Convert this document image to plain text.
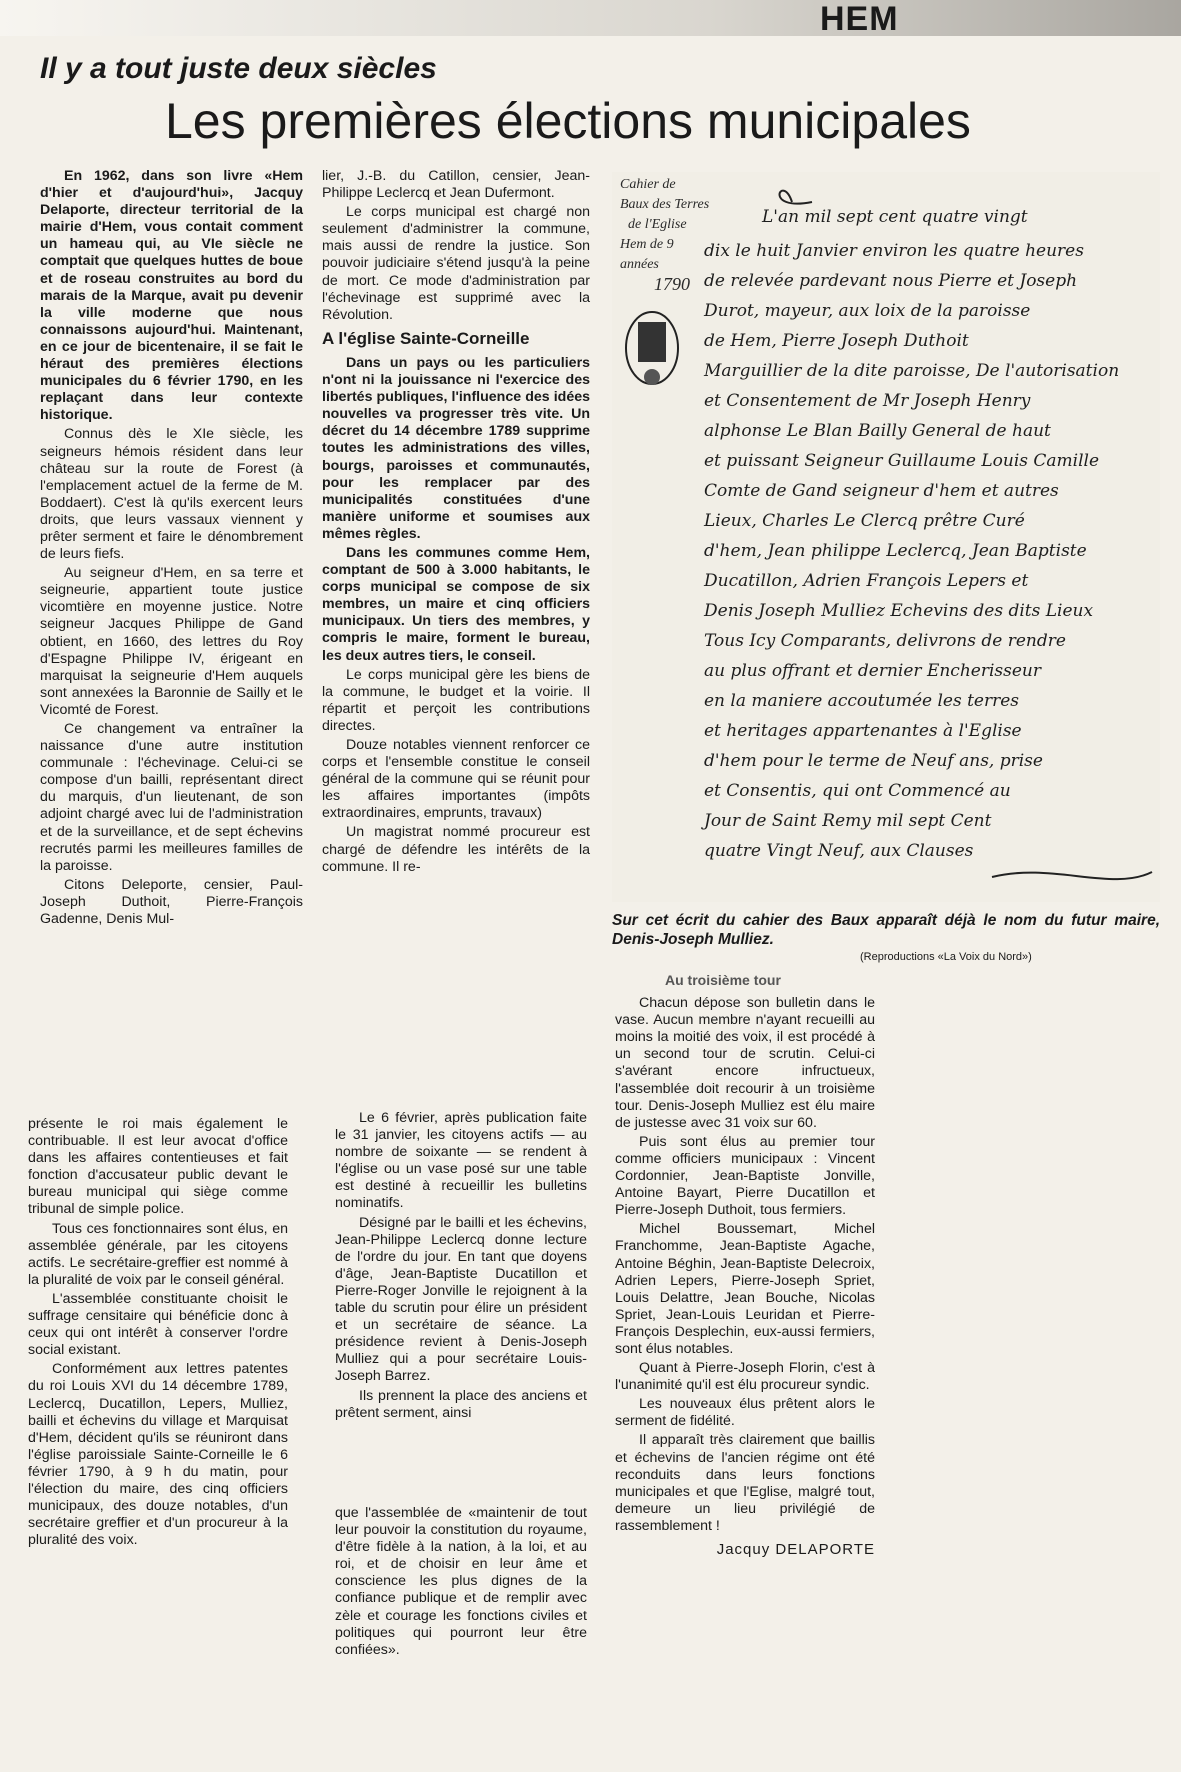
HEM
Il y a tout juste deux siècles
Les premières élections municipales

En 1962, dans son livre «Hem d'hier et d'aujourd'hui», Jacquy Delaporte, directeur territorial de la mairie d'Hem, vous contait comment un hameau qui, au VIe siècle ne comptait que quelques huttes de boue et de roseau construites au bord du marais de la Marque, avait pu devenir la ville moderne que nous connaissons aujourd'hui. Maintenant, en ce jour de bicentenaire, il se fait le héraut des premières élections municipales du 6 février 1790, en les replaçant dans leur contexte historique.

Connus dès le XIe siècle, les seigneurs hémois résident dans leur château sur la route de Forest (à l'emplacement actuel de la ferme de M. Boddaert). C'est là qu'ils exercent leurs droits, que leurs vassaux viennent y prêter serment et faire le dénombrement de leurs fiefs.

Au seigneur d'Hem, en sa terre et seigneurie, appartient toute justice vicomtière en moyenne justice. Notre seigneur Jacques Philippe de Gand obtient, en 1660, des lettres du Roy d'Espagne Philippe IV, érigeant en marquisat la seigneurie d'Hem auquels sont annexées la Baronnie de Sailly et le Vicomté de Forest.

Ce changement va entraîner la naissance d'une autre institution communale : l'échevinage. Celui-ci se compose d'un bailli, représentant direct du marquis, d'un lieutenant, de son adjoint chargé avec lui de l'administration et de la surveillance, et de sept échevins recrutés parmi les meilleures familles de la paroisse.

Citons Deleporte, censier, Paul-Joseph Duthoit, Pierre-François Gadenne, Denis Mul-

lier, J.-B. du Catillon, censier, Jean-Philippe Leclercq et Jean Dufermont.

Le corps municipal est chargé non seulement d'administrer la commune, mais aussi de rendre la justice. Son pouvoir judiciaire s'étend jusqu'à la peine de mort. Ce mode d'administration par l'échevinage est supprimé avec la Révolution.

A l'église Sainte-Corneille

Dans un pays ou les particuliers n'ont ni la jouissance ni l'exercice des libertés publiques, l'influence des idées nouvelles va progresser très vite. Un décret du 14 décembre 1789 supprime toutes les administrations des villes, bourgs, paroisses et communautés, pour les remplacer par des municipalités constituées d'une manière uniforme et soumises aux mêmes règles.

Dans les communes comme Hem, comptant de 500 à 3.000 habitants, le corps municipal se compose de six membres, un maire et cinq officiers municipaux. Un tiers des membres, y compris le maire, forment le bureau, les deux autres tiers, le conseil.

Le corps municipal gère les biens de la commune, le budget et la voirie. Il répartit et perçoit les contributions directes.

Douze notables viennent renforcer ce corps et l'ensemble constitue le conseil général de la commune qui se réunit pour les affaires importantes (impôts extraordinaires, emprunts, travaux)

Un magistrat nommé procureur est chargé de défendre les intérêts de la commune. Il re-

Cahier de
Baux des Terres
de l'Eglise
Hem de 9
années
1790
L'an mil sept cent quatre vingt
dix le huit Janvier environ les quatre heures
de relevée pardevant nous Pierre et Joseph
Durot, mayeur, aux loix de la paroisse
de Hem, Pierre Joseph Duthoit
Marguillier de la dite paroisse, De l'autorisation
et Consentement de Mr Joseph Henry
alphonse Le Blan Bailly General de haut
et puissant Seigneur Guillaume Louis Camille
Comte de Gand seigneur d'hem et autres
Lieux, Charles Le Clercq prêtre Curé
d'hem, Jean philippe Leclercq, Jean Baptiste
Ducatillon, Adrien François Lepers et
Denis Joseph Mulliez Echevins des dits Lieux
Tous Icy Comparants, delivrons de rendre
au plus offrant et dernier Encherisseur
en la maniere accoutumée les terres
et heritages appartenantes à l'Eglise
d'hem pour le terme de Neuf ans, prise
et Consentis, qui ont Commencé au
Jour de Saint Remy mil sept Cent
quatre Vingt Neuf, aux Clauses
Sur cet écrit du cahier des Baux apparaît déjà le nom du futur maire, Denis-Joseph Mulliez.
(Reproductions «La Voix du Nord»)
Au troisième tour

Chacun dépose son bulletin dans le vase. Aucun membre n'ayant recueilli au moins la moitié des voix, il est procédé à un second tour de scrutin. Celui-ci s'avérant encore infructueux, l'assemblée doit recourir à un troisième tour. Denis-Joseph Mulliez est élu maire de justesse avec 31 voix sur 60.

Puis sont élus au premier tour comme officiers municipaux : Vincent Cordonnier, Jean-Baptiste Jonville, Antoine Bayart, Pierre Ducatillon et Pierre-Joseph Duthoit, tous fermiers.

Michel Boussemart, Michel Franchomme, Jean-Baptiste Agache, Antoine Béghin, Jean-Baptiste Delecroix, Adrien Lepers, Pierre-Joseph Spriet, Louis Delattre, Jean Bouche, Nicolas Spriet, Jean-Louis Leuridan et Pierre-François Desplechin, eux-aussi fermiers, sont élus notables.

Quant à Pierre-Joseph Florin, c'est à l'unanimité qu'il est élu procureur syndic.

Les nouveaux élus prêtent alors le serment de fidélité.

Il apparaît très clairement que baillis et échevins de l'ancien régime ont été reconduits dans leurs fonctions municipales et que l'Eglise, malgré tout, demeure un lieu privilégié de rassemblement !

Jacquy DELAPORTE

présente le roi mais également le contribuable. Il est leur avocat d'office dans les affaires contentieuses et fait fonction d'accusateur public devant le bureau municipal qui siège comme tribunal de simple police.

Tous ces fonctionnaires sont élus, en assemblée générale, par les citoyens actifs. Le secrétaire-greffier est nommé à la pluralité de voix par le conseil général.

L'assemblée constituante choisit le suffrage censitaire qui bénéficie donc à ceux qui ont intérêt à conserver l'ordre social existant.

Conformément aux lettres patentes du roi Louis XVI du 14 décembre 1789, Leclercq, Ducatillon, Lepers, Mulliez, bailli et échevins du village et Marquisat d'Hem, décident qu'ils se réuniront dans l'église paroissiale Sainte-Corneille le 6 février 1790, à 9 h du matin, pour l'élection du maire, des cinq officiers municipaux, des douze notables, d'un secrétaire greffier et d'un procureur à la pluralité des voix.

Le 6 février, après publication faite le 31 janvier, les citoyens actifs — au nombre de soixante — se rendent à l'église ou un vase posé sur une table est destiné à recueillir les bulletins nominatifs.

Désigné par le bailli et les échevins, Jean-Philippe Leclercq donne lecture de l'ordre du jour. En tant que doyens d'âge, Jean-Baptiste Ducatillon et Pierre-Roger Jonville le rejoignent à la table du scrutin pour élire un président et un secrétaire de séance. La présidence revient à Denis-Joseph Mulliez qui a pour secrétaire Louis-Joseph Barrez.

Ils prennent la place des anciens et prêtent serment, ainsi

que l'assemblée de «maintenir de tout leur pouvoir la constitution du royaume, d'être fidèle à la nation, à la loi, et au roi, et de choisir en leur âme et conscience les plus dignes de la confiance publique et de remplir avec zèle et courage les fonctions civiles et politiques qui pourront leur être confiées».
